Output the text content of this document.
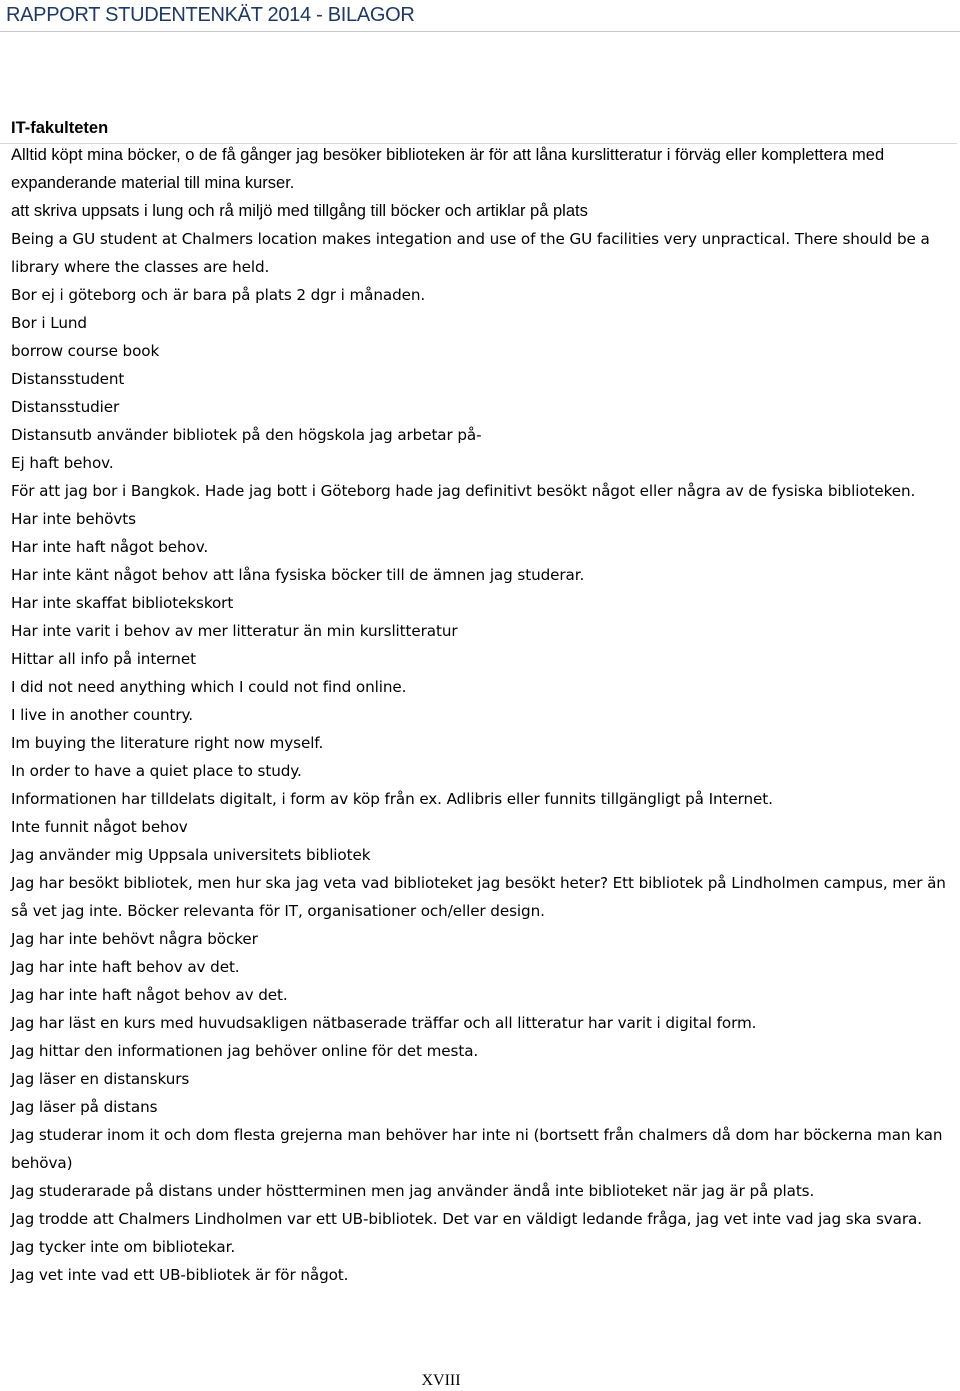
RAPPORT STUDENTENKÄT 2014 - BILAGOR
IT-fakulteten
Alltid köpt mina böcker, o de få gånger jag besöker biblioteken är för att låna kurslitteratur i förväg eller komplettera med expanderande material till mina kurser.
att skriva uppsats i lung och rå miljö med tillgång till böcker och artiklar på plats
Being a GU student at Chalmers location makes integation and use of the GU facilities very unpractical. There should be a library where the classes are held.
Bor ej i göteborg och är bara på plats 2 dgr i månaden.
Bor i Lund
borrow course book
Distansstudent
Distansstudier
Distansutb använder bibliotek på den högskola jag arbetar på-
Ej haft behov.
För att jag bor i Bangkok. Hade jag bott i Göteborg hade jag definitivt besökt något eller några av de fysiska biblioteken.
Har inte behövts
Har inte haft något behov.
Har inte känt något behov att låna fysiska böcker till de ämnen jag studerar.
Har inte skaffat bibliotekskort
Har inte varit i behov av mer litteratur än min kurslitteratur
Hittar all info på internet
I did not need anything which I could not find online.
I live in another country.
Im buying the literature right now myself.
In order to have a quiet place to study.
Informationen har tilldelats digitalt, i form av köp från ex. Adlibris eller funnits tillgängligt på Internet.
Inte funnit något behov
Jag använder mig Uppsala universitets bibliotek
Jag har besökt bibliotek, men hur ska jag veta vad biblioteket jag besökt heter? Ett bibliotek på Lindholmen campus, mer än så vet jag inte. Böcker relevanta för IT, organisationer och/eller design.
Jag har inte behövt några böcker
Jag har inte haft behov av det.
Jag har inte haft något behov av det.
Jag har läst en kurs med huvudsakligen nätbaserade träffar och all litteratur har varit i digital form.
Jag hittar den informationen jag behöver online för det mesta.
Jag läser en distanskurs
Jag läser på distans
Jag studerar inom it och dom flesta grejerna man behöver har inte ni (bortsett från chalmers då dom har böckerna man kan behöva)
Jag studerarade på distans under höstterminen men jag använder ändå inte biblioteket när jag är på plats.
Jag trodde att Chalmers Lindholmen var ett UB-bibliotek. Det var en väldigt ledande fråga, jag vet inte vad jag ska svara.
Jag tycker inte om bibliotekar.
Jag vet inte vad ett UB-bibliotek är för något.
XVIII
